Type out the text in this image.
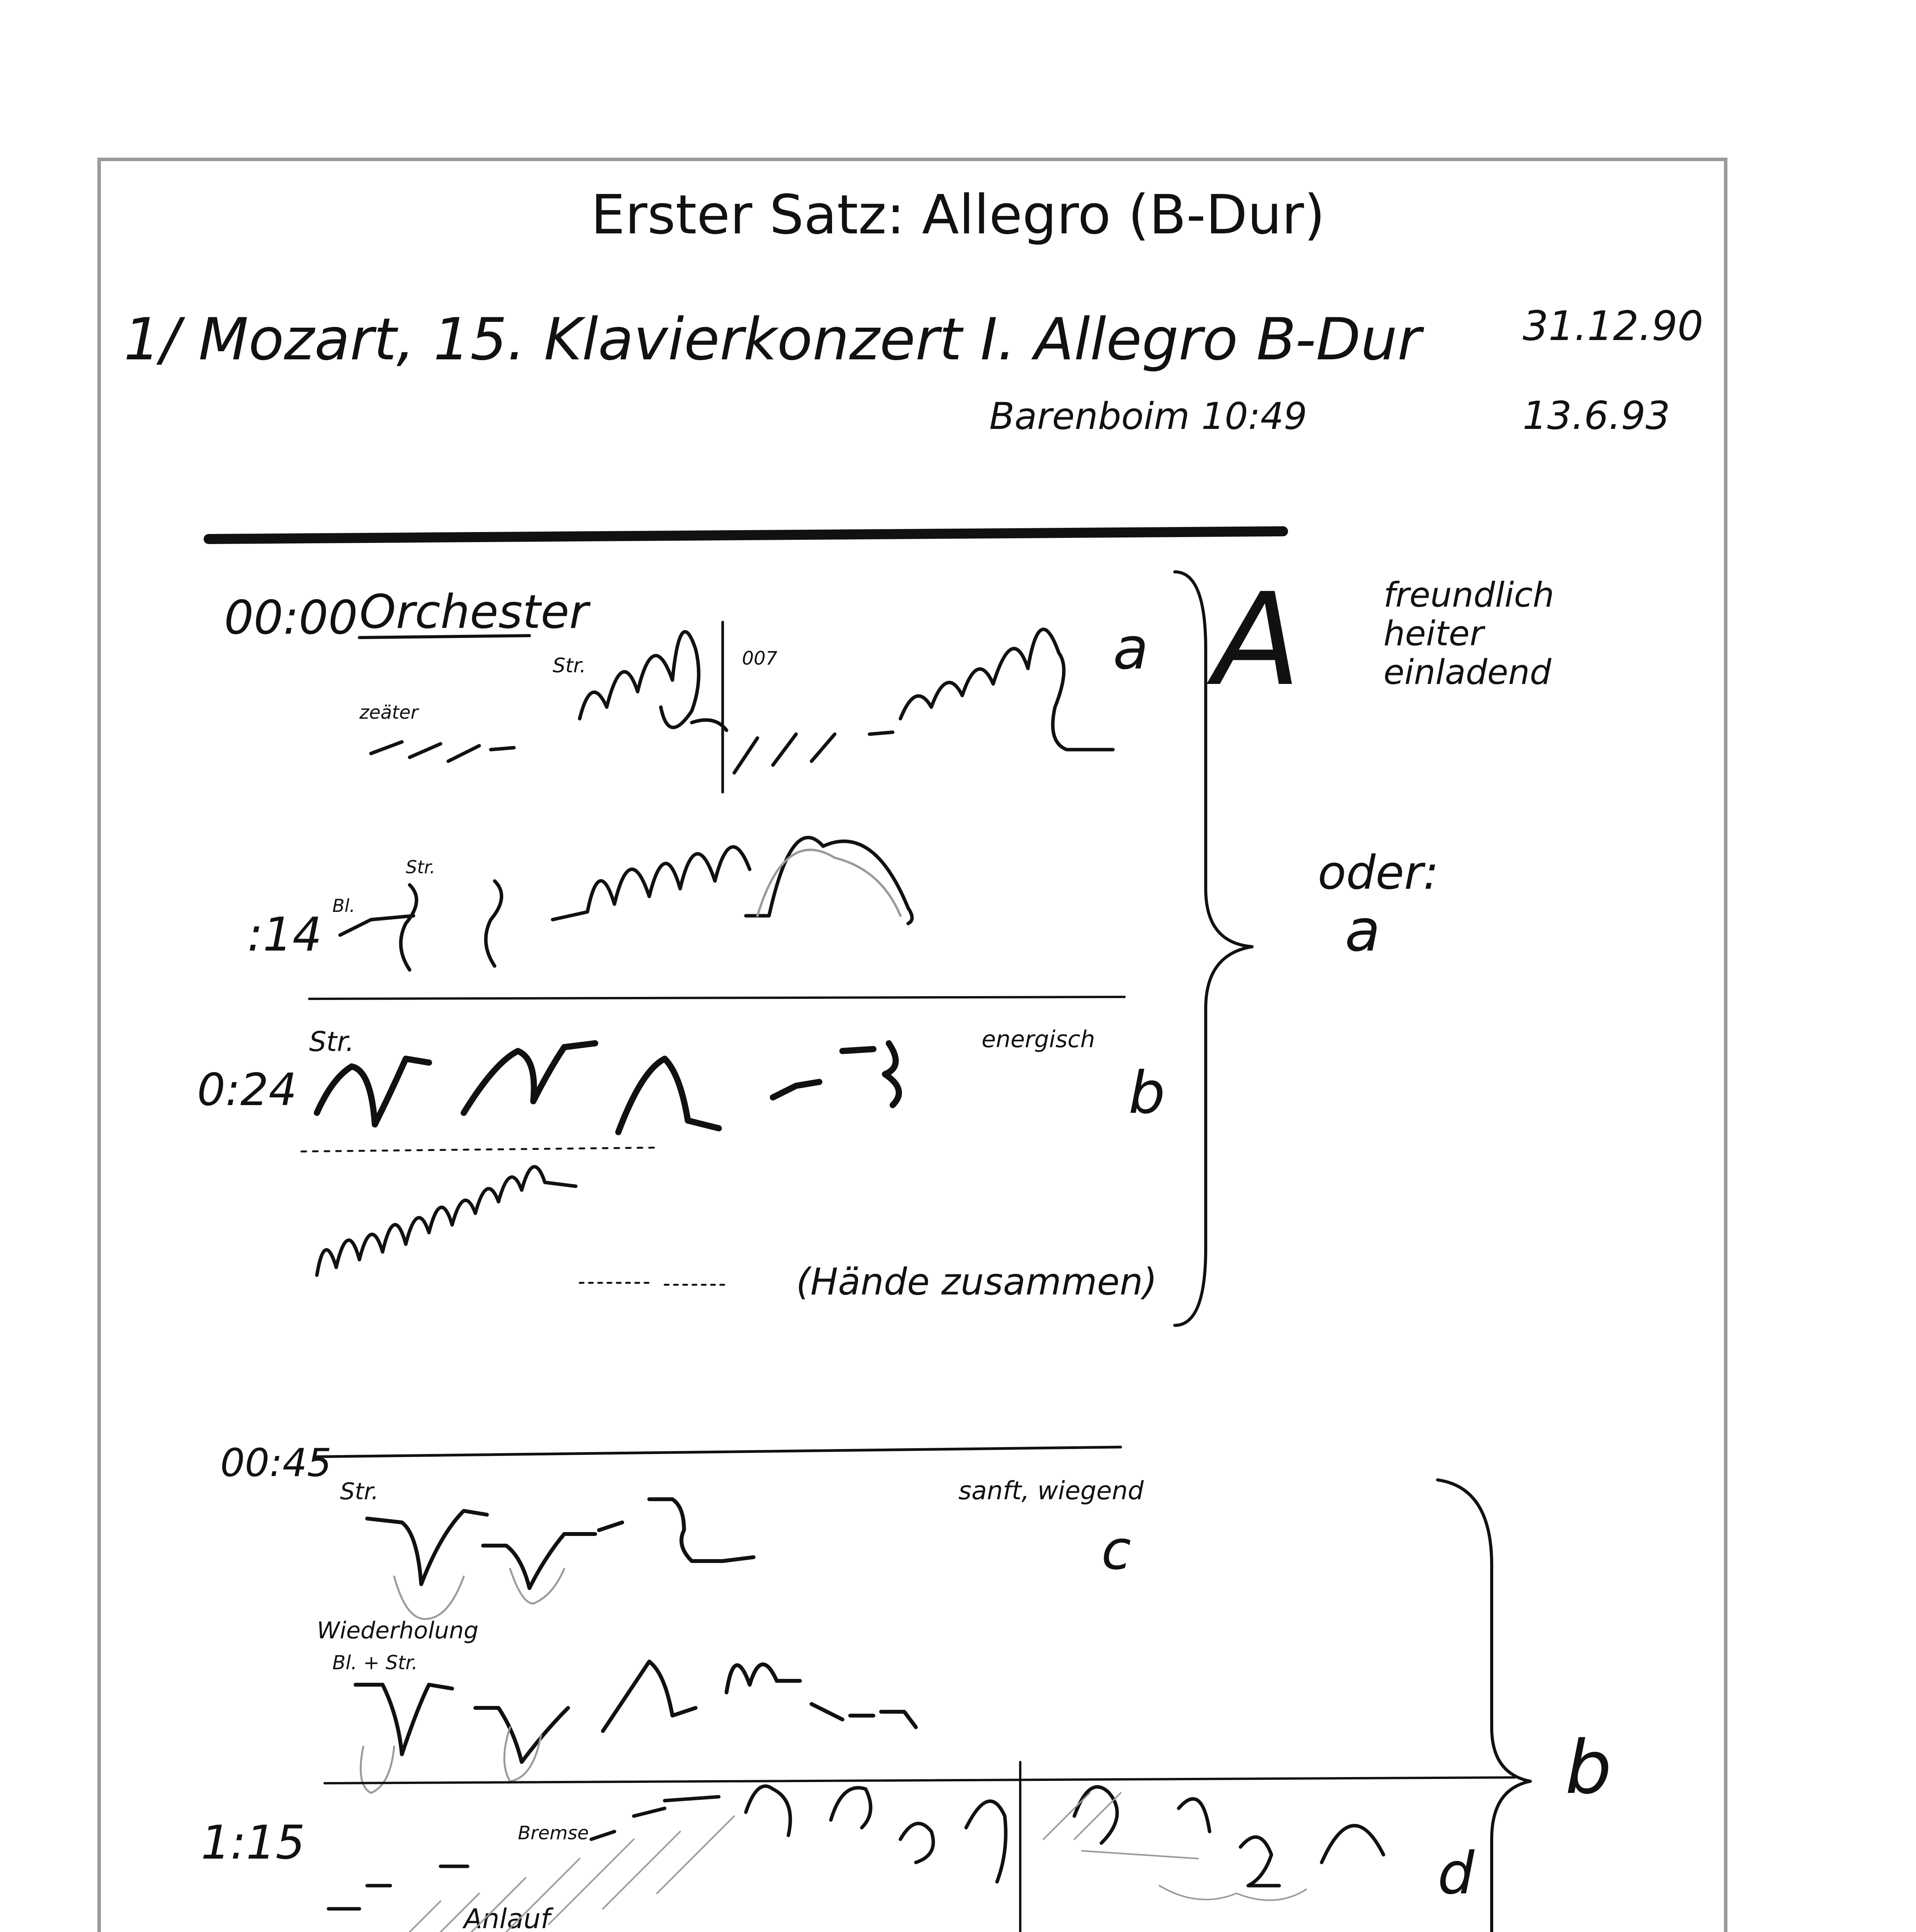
Erster Satz: Allegro (B-Dur)
1/ Mozart, 15. Klavierkonzert I. Allegro B-Dur
Barenboim 10:49
31.12.90
13.6.93
00:00 Orchester
a
zeäter
Str.	007
:14
Bl.
Str.
0:24
Str.	energisch
b
(Hände zusammen)
A freundlich
heiter
einladend
oder:
a
00:45
Str.	sanft, wiegend
c
Wiederholung
Bl. + Str.
1:15	Bremse
Anlauf
d
b
